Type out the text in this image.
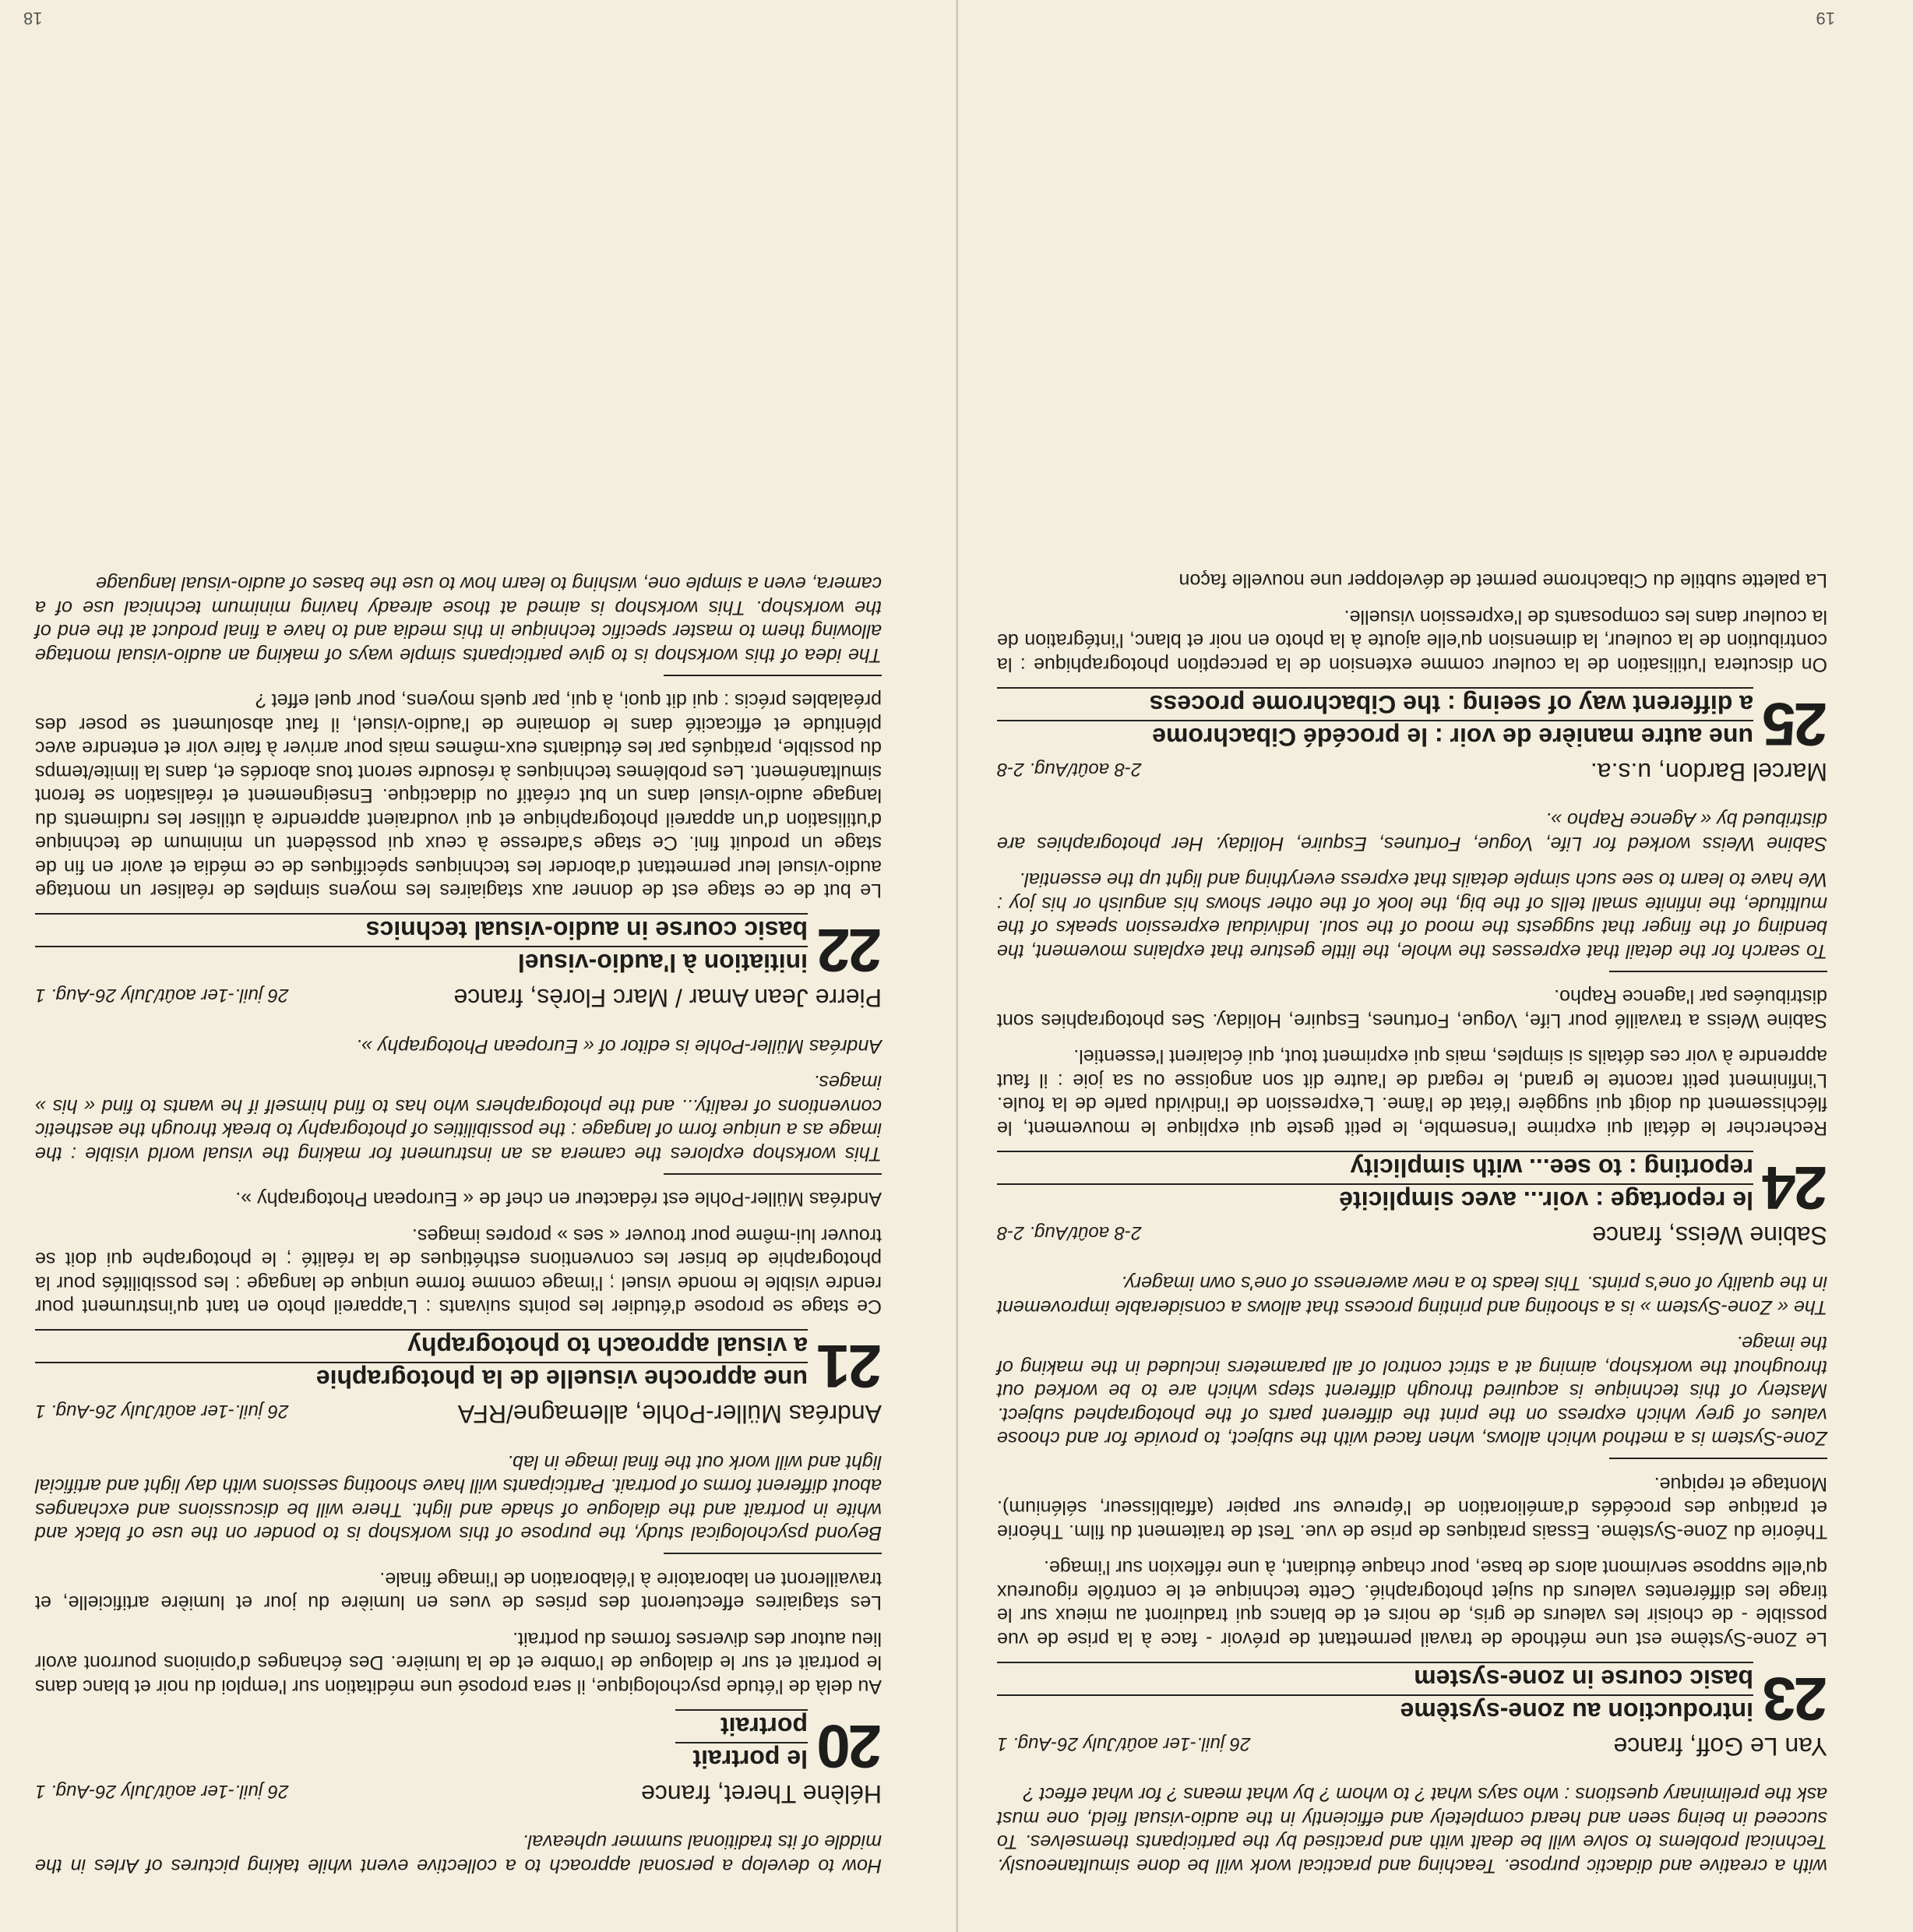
with a creative and didactic purpose. Teaching and practical work will be done simultaneously. Technical problems to solve will be dealt with and practised by the participants themselves. To succeed in being seen and heard completely and efficiently in the audio-visual field, one must ask the preliminary questions : who says what ? to whom ? by what means ? for what effect ?

Yan Le Goff, france
26 juil.-1er août/July 26-Aug. 1
23
introduction au zone-système
basic course in zone-system

Le Zone-Système est une méthode de travail permettant de prévoir - face à la prise de vue possible - de choisir les valeurs de gris, de noirs et de blancs qui traduiront au mieux sur le tirage les différentes valeurs du sujet photographié. Cette technique et le contrôle rigoureux qu'elle suppose servimont alors de base, pour chaque étudiant, à une réflexion sur l'image.

Théorie du Zone-Système. Essais pratiques de prise de vue. Test de traitement du film. Théorie et pratique des procédés d'amélioration de l'épreuve sur papier (affaiblisseur, sélénium). Montage et repique.

Zone-System is a method which allows, when faced with the subject, to provide for and choose values of grey which express on the print the different parts of the photographed subject. Mastery of this technique is acquired through different steps which are to be worked out throughout the workshop, aiming at a strict control of all parameters included in the making of the image.

The « Zone-System » is a shooting and printing process that allows a considerable improvement in the quality of one's prints. This leads to a new awereness of one's own imagery.

Sabine Weiss, france
2-8 août/Aug. 2-8
24
le reportage : voir... avec simplicité
reporting : to see... with simplicity

Rechercher le détail qui exprime l'ensemble, le petit geste qui explique le mouvement, le fléchissement du doigt qui suggère l'état de l'âme. L'expression de l'individu parle de la foule. L'infiniment petit raconte le grand, le regard de l'autre dit son angoisse ou sa joie : il faut apprendre à voir ces détails si simples, mais qui expriment tout, qui éclairent l'essentiel.

Sabine Weiss a travaillé pour Life, Vogue, Fortunes, Esquire, Holiday. Ses photographies sont distribuées par l'agence Rapho.

To search for the detail that expresses the whole, the little gesture that explains movement, the bending of the finger that suggests the mood of the soul. Individual expression speaks of the multitude, the infinite small tells of the big, the look of the other shows his anguish or his joy : We have to learn to see such simple details that express everything and light up the essential.

Sabine Weiss worked for Life, Vogue, Fortunes, Esquire, Holiday. Her photographies are distribued by « Agence Rapho ».

Marcel Bardon, u.s.a.
2-8 août/Aug. 2-8
25
une autre manière de voir : le procédé Cibachrome
a different way of seeing : the Cibachrome process

On discutera l'utilisation de la couleur comme extension de la perception photographique : la contribution de la couleur, la dimension qu'elle ajoute à la photo en noir et blanc, l'intégration de la couleur dans les composants de l'expression visuelle.

La palette subtile du Cibachrome permet de développer une nouvelle façon

19

How to develop a personal approach to a collective event while taking pictures of Arles in the middle of its traditional summer upheaval.

Hélène Theret, france
26 juil.-1er août/July 26-Aug. 1
20
le portrait
portrait

Au delà de l'étude psychologique, il sera proposé une méditation sur l'emploi du noir et blanc dans le portrait et sur le dialogue de l'ombre et de la lumière. Des échanges d'opinions pourront avoir lieu autour des diverses formes du portrait.

Les stagiaires effectueront des prises de vues en lumière du jour et lumière artificielle, et travailleront en laboratoire à l'élaboration de l'image finale.

Beyond psychological study, the purpose of this workshop is to ponder on the use of black and white in portrait and the dialogue of shade and light. There will be discussions and exchanges about different forms of portrait. Participants will have shooting sessions with day light and artificial light and will work out the final image in lab.

Andréas Müller-Pohle, allemagne/RFA
26 juil.-1er août/July 26-Aug. 1
21
une approche visuelle de la photographie
a visual approach to photography

Ce stage se propose d'étudier les points suivants : L'appareil photo en tant qu'instrument pour rendre visible le monde visuel ; l'image comme forme unique de langage : les possibilités pour la photographie de briser les conventions esthétiques de la réalité ; le photographe qui doit se trouver lui-même pour trouver « ses » propres images.

Andréas Müller-Pohle est rédacteur en chef de « European Photography ».

This workshop explores the camera as an instrument for making the visual world visible : the image as a unique form of langage : the possibilities of photography to break through the aesthetic conventions of reality... and the photographers who has to find himself if he wants to find « his » images.

Andréas Müller-Pohle is editor of « European Photography ».

Pierre Jean Amar / Marc Florès, france
26 juil.-1er août/July 26-Aug. 1
22
initiation à l'audio-visuel
basic course in audio-visual technics

Le but de ce stage est de donner aux stagiaires les moyens simples de réaliser un montage audio-visuel leur permettant d'aborder les techniques spécifiques de ce média et avoir en fin de stage un produit fini. Ce stage s'adresse à ceux qui possèdent un minimum de technique d'utilisation d'un appareil photographique et qui voudraient apprendre à utiliser les rudiments du langage audio-visuel dans un but créatif ou didactique. Enseignement et réalisation se feront simultanément. Les problèmes techniques à résoudre seront tous abordés et, dans la limite/temps du possible, pratiqués par les étudiants eux-mêmes mais pour arriver à faire voir et entendre avec plénitude et efficacité dans le domaine de l'audio-visuel, il faut absolument se poser des préalables précis : qui dit quoi, à qui, par quels moyens, pour quel effet ?

The idea of this workshop is to give participants simple ways of making an audio-visual montage allowing them to master specific technique in this media and to have a final product at the end of the workshop. This workshop is aimed at those already having minimum technical use of a camera, even a simple one, wishing to learn how to use the bases of audio-visual language

18
